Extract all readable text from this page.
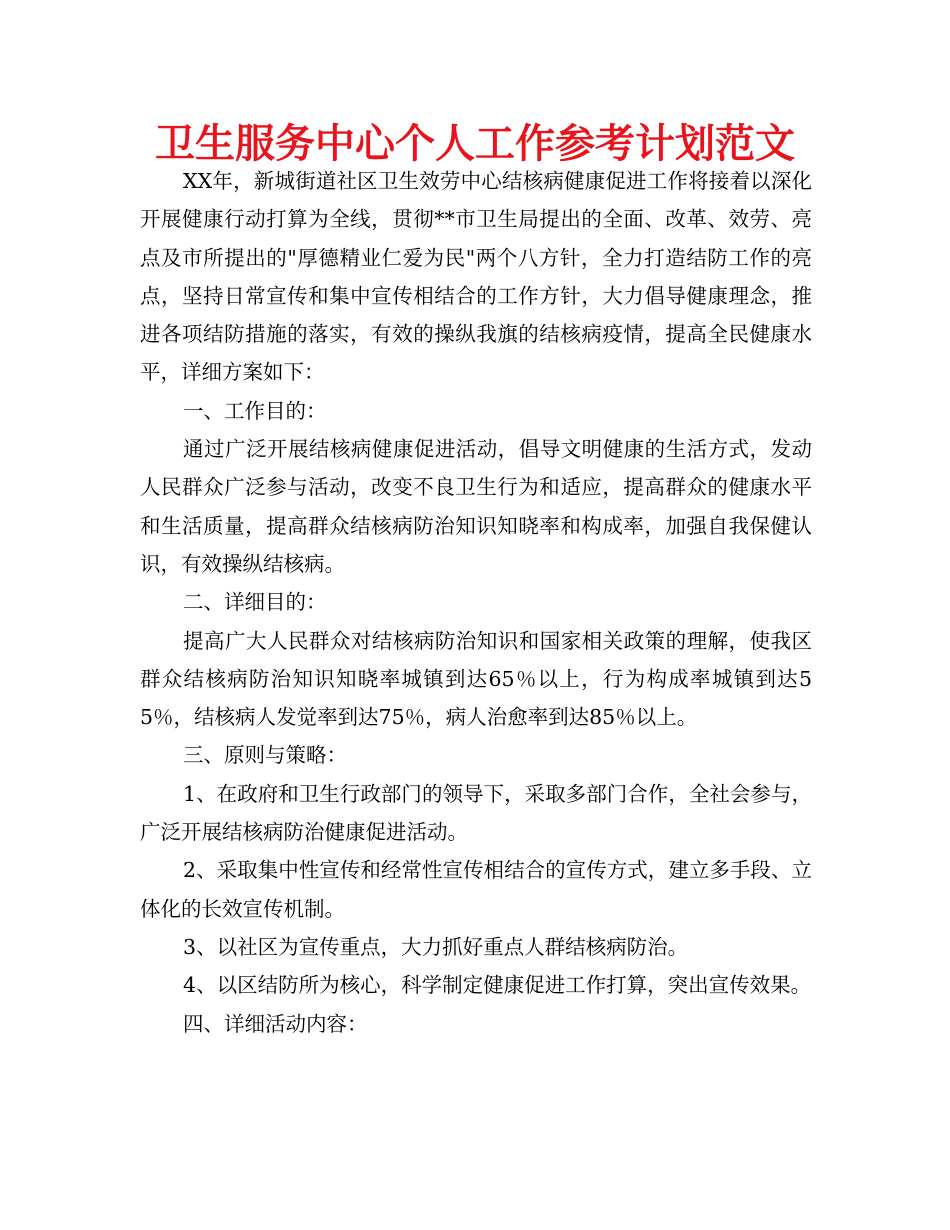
卫生服务中心个人工作参考计划范文

XX年，新城街道社区卫生效劳中心结核病健康促进工作将接着以深化开展健康行动打算为全线，贯彻**市卫生局提出的全面、改革、效劳、亮点及市所提出的"厚德精业仁爱为民"两个八方针，全力打造结防工作的亮点，坚持日常宣传和集中宣传相结合的工作方针，大力倡导健康理念，推进各项结防措施的落实，有效的操纵我旗的结核病疫情，提高全民健康水平，详细方案如下：

一、工作目的：

通过广泛开展结核病健康促进活动，倡导文明健康的生活方式，发动人民群众广泛参与活动，改变不良卫生行为和适应，提高群众的健康水平和生活质量，提高群众结核病防治知识知晓率和构成率，加强自我保健认识，有效操纵结核病。

二、详细目的：

提高广大人民群众对结核病防治知识和国家相关政策的理解，使我区群众结核病防治知识知晓率城镇到达65％以上，行为构成率城镇到达55％，结核病人发觉率到达75％，病人治愈率到达85％以上。

三、原则与策略：

1、在政府和卫生行政部门的领导下，采取多部门合作，全社会参与，广泛开展结核病防治健康促进活动。

2、采取集中性宣传和经常性宣传相结合的宣传方式，建立多手段、立体化的长效宣传机制。

3、以社区为宣传重点，大力抓好重点人群结核病防治。

4、以区结防所为核心，科学制定健康促进工作打算，突出宣传效果。

四、详细活动内容：
